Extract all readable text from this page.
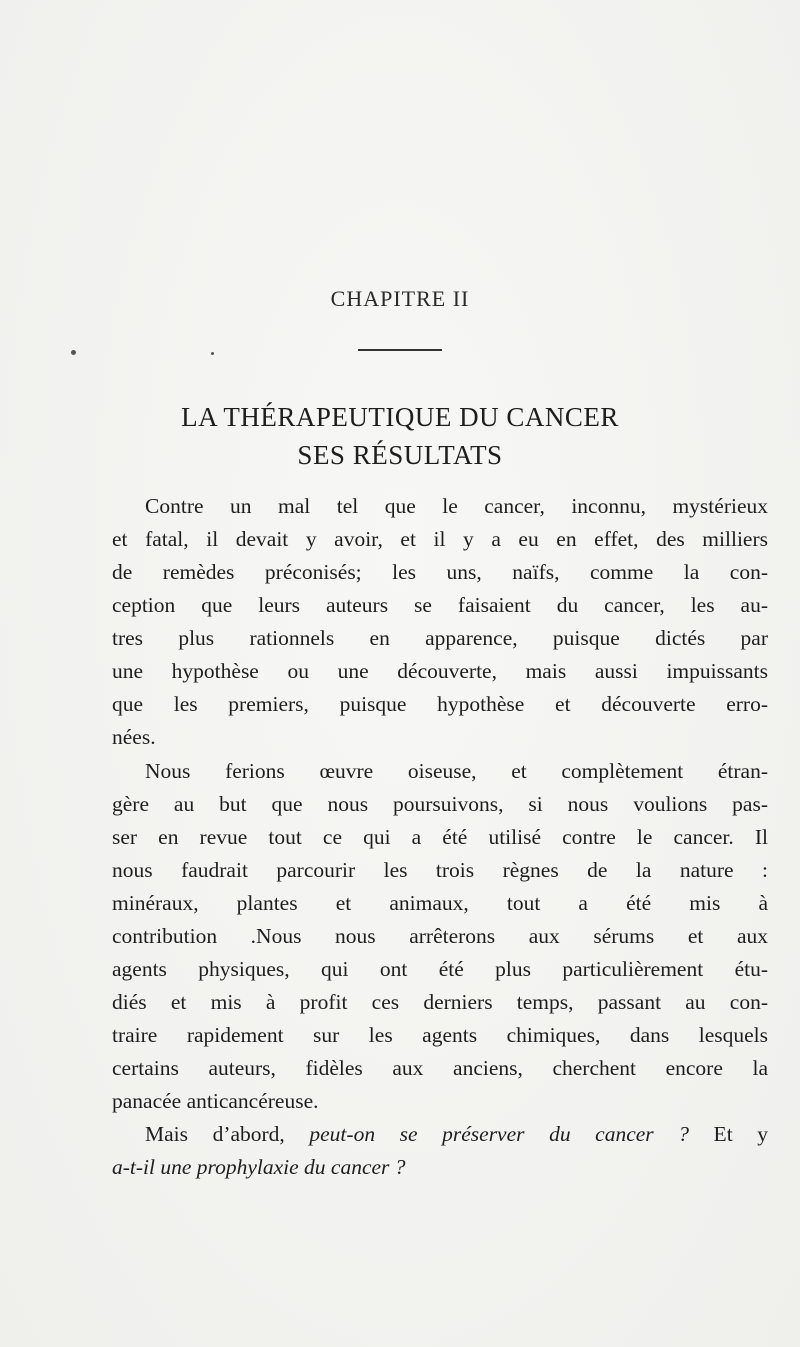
CHAPITRE II
LA THÉRAPEUTIQUE DU CANCER
SES RÉSULTATS
Contre un mal tel que le cancer, inconnu, mystérieux
et fatal, il devait y avoir, et il y a eu en effet, des milliers
de remèdes préconisés; les uns, naïfs, comme la con-
ception que leurs auteurs se faisaient du cancer, les au-
tres plus rationnels en apparence, puisque dictés par
une hypothèse ou une découverte, mais aussi impuissants
que les premiers, puisque hypothèse et découverte erro-
nées.
Nous ferions œuvre oiseuse, et complètement étran-
gère au but que nous poursuivons, si nous voulions pas-
ser en revue tout ce qui a été utilisé contre le cancer. Il
nous faudrait parcourir les trois règnes de la nature :
minéraux, plantes et animaux, tout a été mis à
contribution .Nous nous arrêterons aux sérums et aux
agents physiques, qui ont été plus particulièrement étu-
diés et mis à profit ces derniers temps, passant au con-
traire rapidement sur les agents chimiques, dans lesquels
certains auteurs, fidèles aux anciens, cherchent encore la
panacée anticancéreuse.
Mais d’abord, peut-on se préserver du cancer ? Et y
a-t-il une prophylaxie du cancer ?
